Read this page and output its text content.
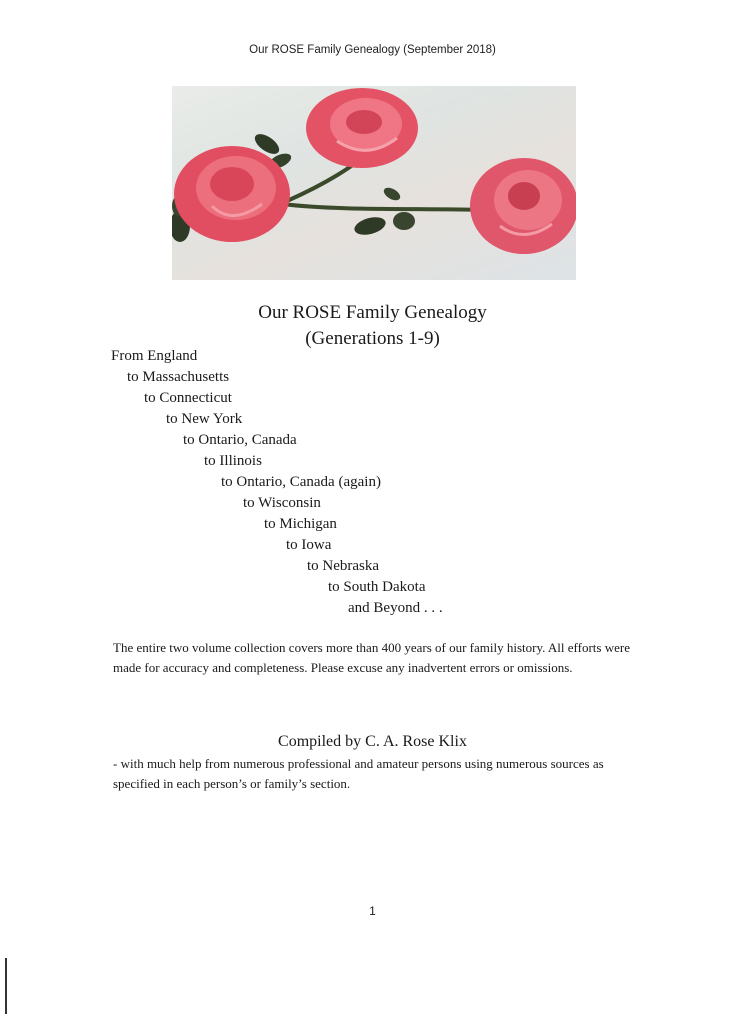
Our ROSE Family Genealogy (September 2018)
Our ROSE Family Genealogy
(Generations 1-9)
From England
to Massachusetts
to Connecticut
to New York
to Ontario, Canada
to Illinois
to Ontario, Canada (again)
to Wisconsin
to Michigan
to Iowa
to Nebraska
to South Dakota
and Beyond . . .
The entire two volume collection covers more than 400 years of our family history. All efforts were made for accuracy and completeness. Please excuse any inadvertent errors or omissions.
Compiled by C. A. Rose Klix
- with much help from numerous professional and amateur persons using numerous sources as specified in each person’s or family’s section.
1
